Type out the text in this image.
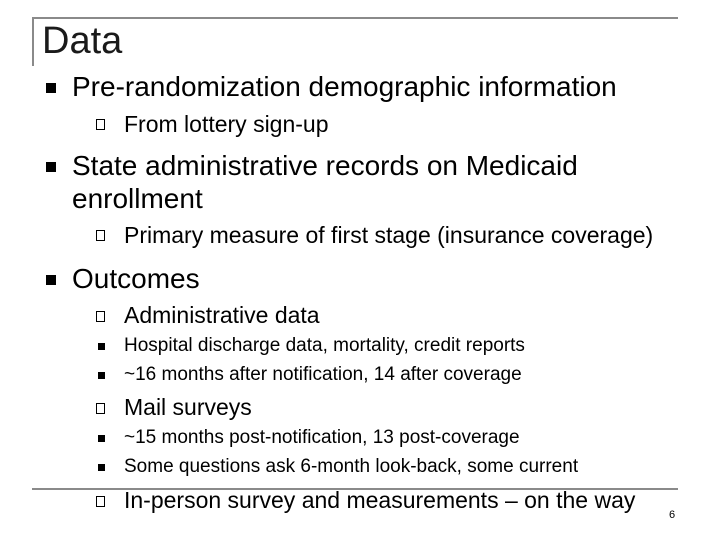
Data
Pre-randomization demographic information
From lottery sign-up
State administrative records on Medicaid
enrollment
Primary measure of first stage (insurance coverage)
Outcomes
Administrative data
Hospital discharge data, mortality, credit reports
~16 months after notification, 14 after coverage
Mail surveys
~15 months post-notification, 13 post-coverage
Some questions ask 6-month look-back, some current
In-person survey and measurements – on the way
6
